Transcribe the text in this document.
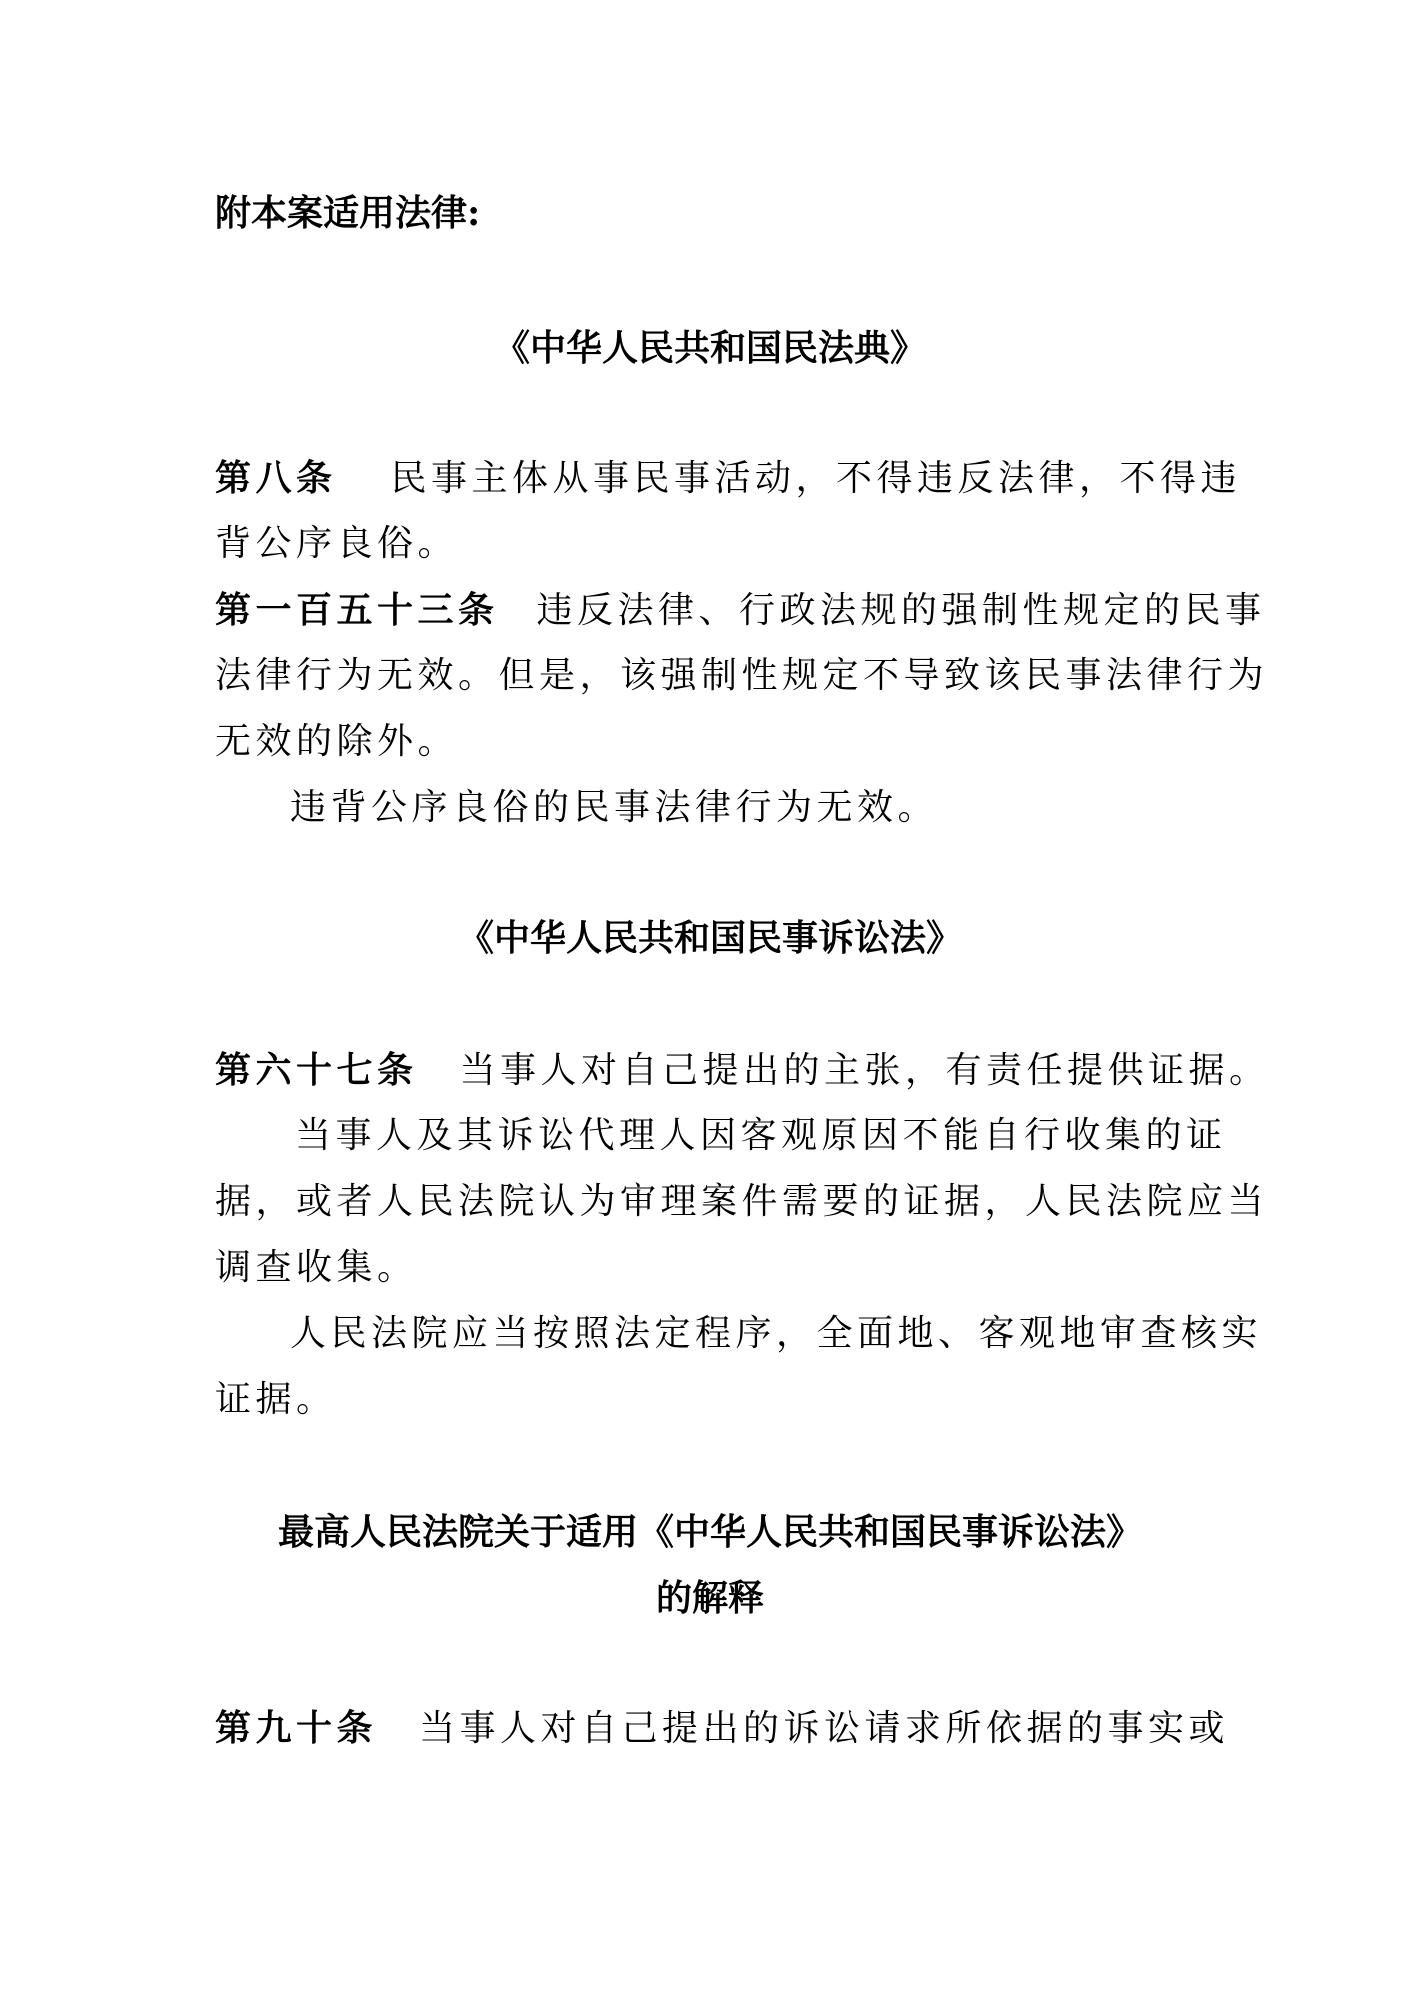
附本案适用法律:

《中华人民共和国民法典》

第八条 民事主体从事民事活动，不得违反法律，不得违

背公序良俗。

第一百五十三条 违反法律、行政法规的强制性规定的民事

法律行为无效。但是，该强制性规定不导致该民事法律行为

无效的除外。

违背公序良俗的民事法律行为无效。

《中华人民共和国民事诉讼法》

第六十七条 当事人对自己提出的主张，有责任提供证据。

当事人及其诉讼代理人因客观原因不能自行收集的证

据，或者人民法院认为审理案件需要的证据，人民法院应当

调查收集。

人民法院应当按照法定程序，全面地、客观地审查核实

证据。

最高人民法院关于适用《中华人民共和国民事诉讼法》

的解释

第九十条 当事人对自己提出的诉讼请求所依据的事实或
